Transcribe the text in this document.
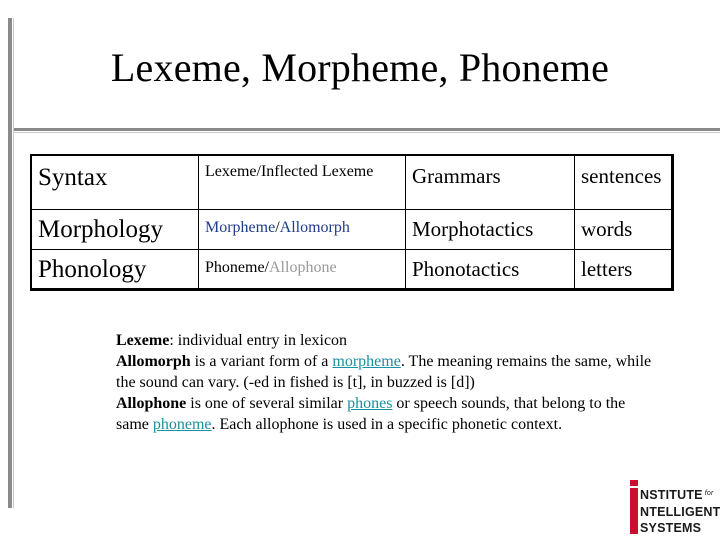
Lexeme, Morpheme, Phoneme
Syntax	Lexeme/Inflected Lexeme	Grammars	sentences
Morphology	Morpheme/Allomorph	Morphotactics	words
Phonology	Phoneme/Allophone	Phonotactics	letters

Lexeme: individual entry in lexicon

Allomorph is a variant form of a morpheme. The meaning remains the same, while the sound can vary. (-ed in fished is [t], in buzzed is [d])

Allophone is one of several similar phones or speech sounds, that belong to the same phoneme. Each allophone is used in a specific phonetic context.

NSTITUTE $^{for}$
NTELLIGENT
SYSTEMS
